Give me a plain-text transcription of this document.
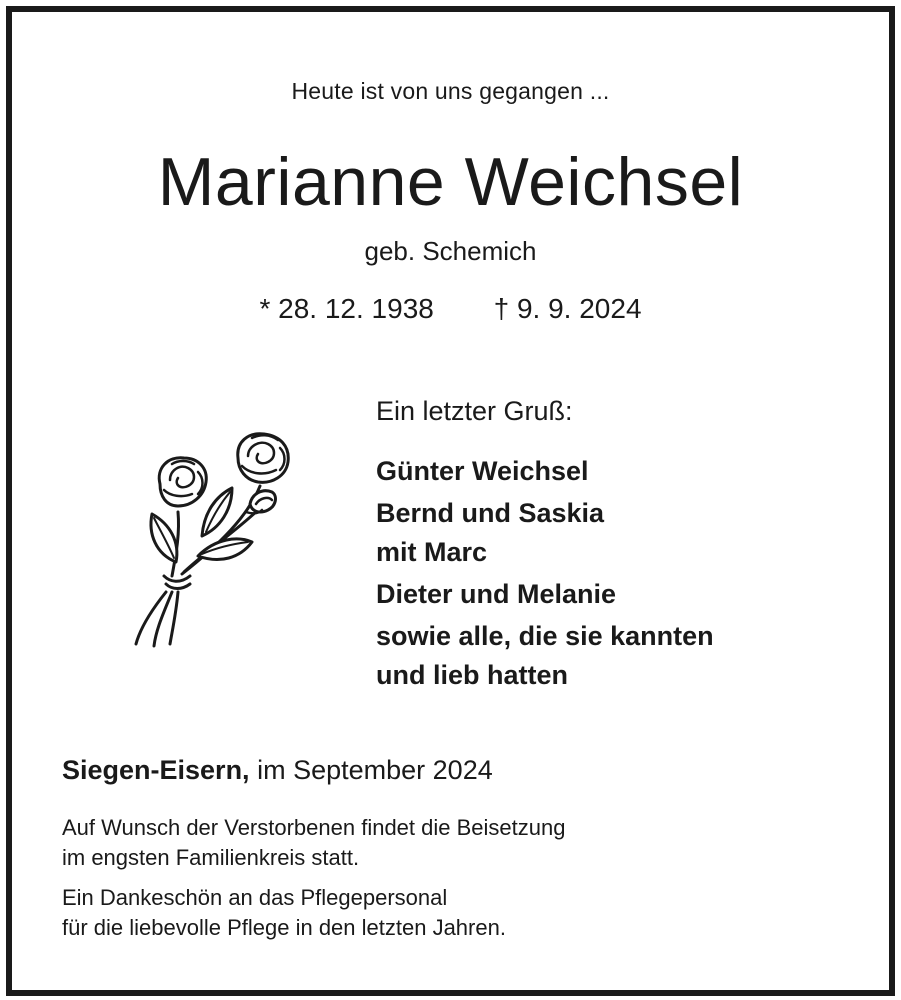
Heute ist von uns gegangen ...
Marianne Weichsel
geb. Schemich
* 28. 12. 1938 † 9. 9. 2024
Ein letzter Gruß:
Günter Weichsel
Bernd und Saskia
mit Marc
Dieter und Melanie
sowie alle, die sie kannten
und lieb hatten
Siegen-Eisern, im September 2024
Auf Wunsch der Verstorbenen findet die Beisetzung
im engsten Familienkreis statt.
Ein Dankeschön an das Pflegepersonal
für die liebevolle Pflege in den letzten Jahren.
